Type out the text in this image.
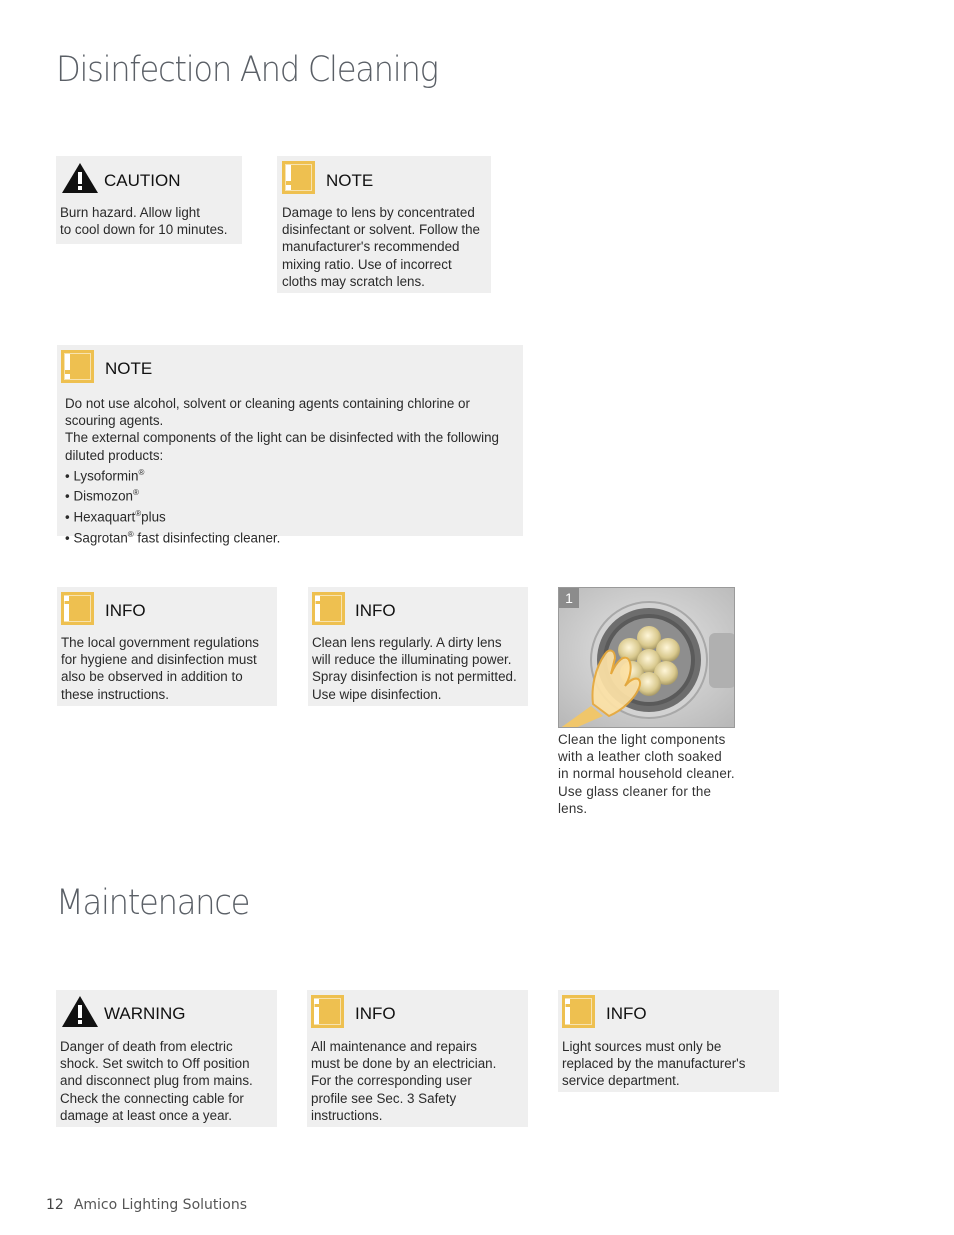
Disinfection And Cleaning
Maintenance
CAUTION

Burn hazard. Allow light

to cool down for 10 minutes.

NOTE

Damage to lens by concentrated

disinfectant or solvent. Follow the

manufacturer's recommended

mixing ratio. Use of incorrect

cloths may scratch lens.

NOTE

Do not use alcohol, solvent or cleaning agents containing chlorine or

scouring agents.

The external components of the light can be disinfected with the following

diluted products:

• Lysoformin®

• Dismozon®

• Hexaquart®plus

• Sagrotan® fast disinfecting cleaner.

INFO

The local government regulations

for hygiene and disinfection must

also be observed in addition to

these instructions.

INFO

Clean lens regularly. A dirty lens

will reduce the illuminating power.

Spray disinfection is not permitted.

Use wipe disinfection.

1
Clean the light components
with a leather cloth soaked
in normal household cleaner.
Use glass cleaner for the
lens.
WARNING

Danger of death from electric

shock. Set switch to Off position

and disconnect plug from mains.

Check the connecting cable for

damage at least once a year.

INFO

All maintenance and repairs

must be done by an electrician.

For the corresponding user

profile see Sec. 3 Safety

instructions.

INFO

Light sources must only be

replaced by the manufacturer's

service department.

12 Amico Lighting Solutions
